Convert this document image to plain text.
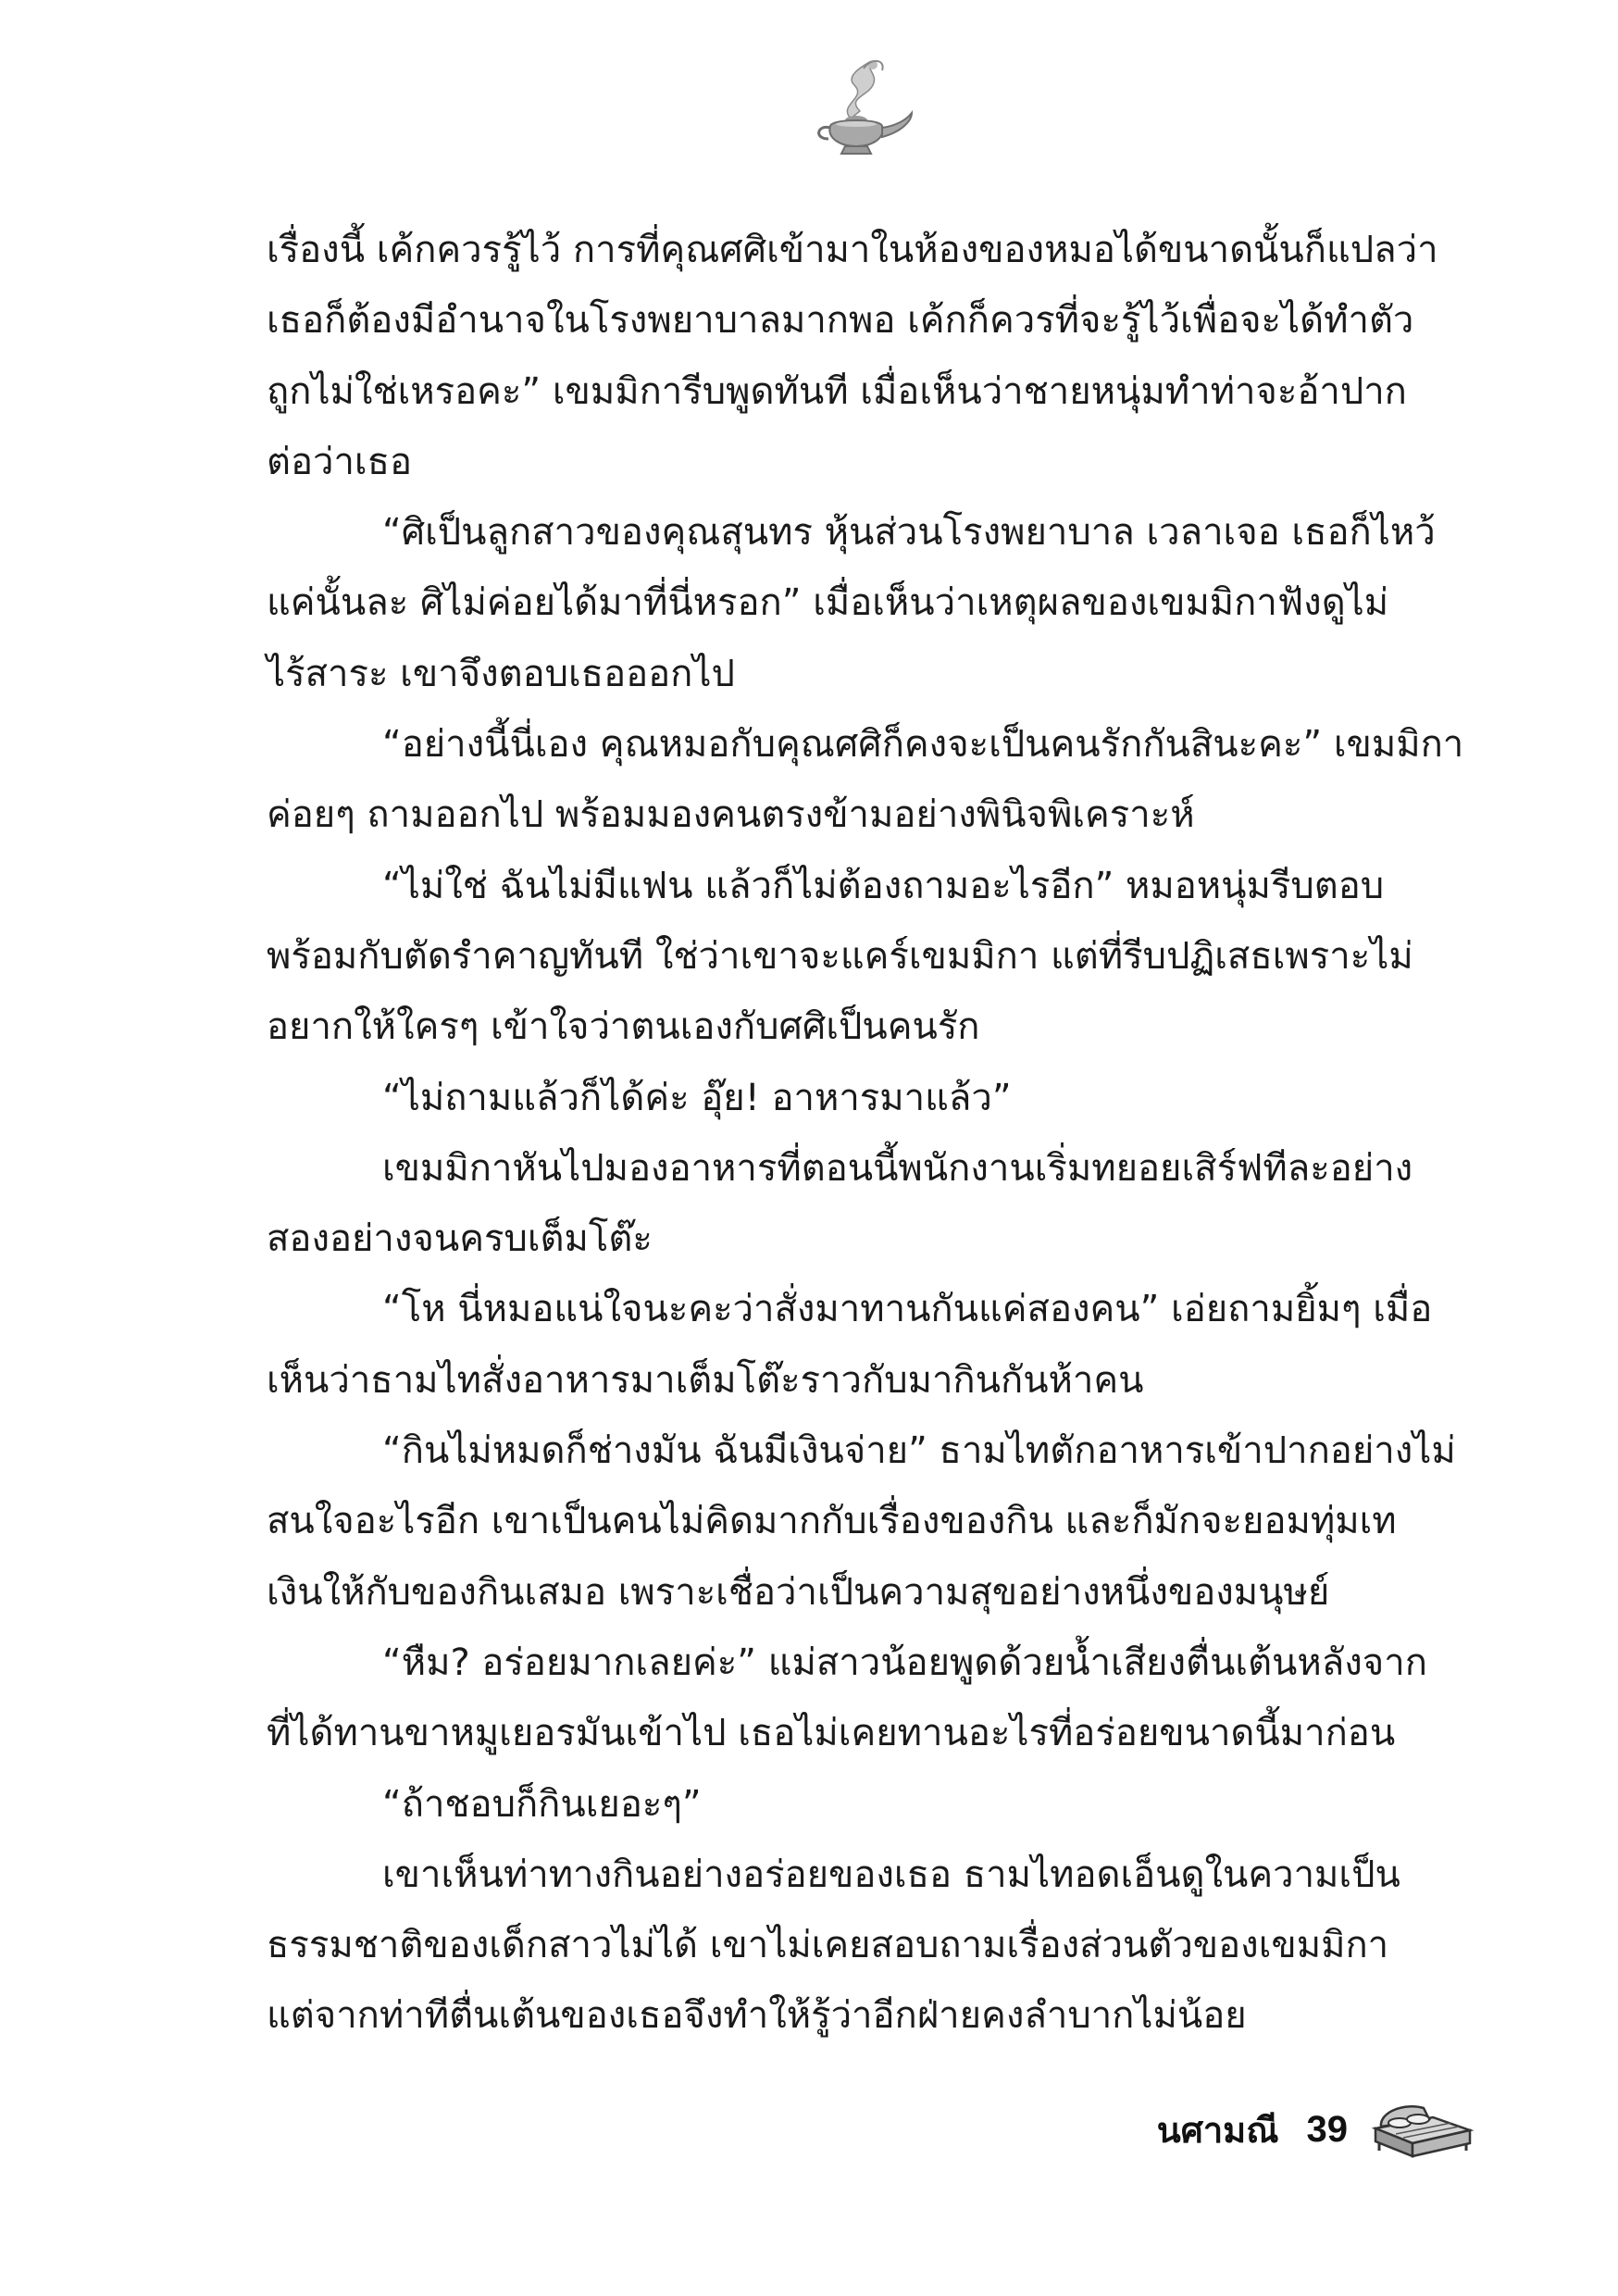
เรื่องนี้ เค้กควรรู้ไว้ การที่คุณศศิเข้ามาในห้องของหมอได้ขนาดนั้นก็แปลว่า
เธอก็ต้องมีอำนาจในโรงพยาบาลมากพอ เค้กก็ควรที่จะรู้ไว้เพื่อจะได้ทำตัว
ถูกไม่ใช่เหรอคะ” เขมมิการีบพูดทันที เมื่อเห็นว่าชายหนุ่มทำท่าจะอ้าปาก
ต่อว่าเธอ
“ศิเป็นลูกสาวของคุณสุนทร หุ้นส่วนโรงพยาบาล เวลาเจอ เธอก็ไหว้
แค่นั้นละ ศิไม่ค่อยได้มาที่นี่หรอก” เมื่อเห็นว่าเหตุผลของเขมมิกาฟังดูไม่
ไร้สาระ เขาจึงตอบเธอออกไป
“อย่างนี้นี่เอง คุณหมอกับคุณศศิก็คงจะเป็นคนรักกันสินะคะ” เขมมิกา
ค่อยๆ ถามออกไป พร้อมมองคนตรงข้ามอย่างพินิจพิเคราะห์
“ไม่ใช่ ฉันไม่มีแฟน แล้วก็ไม่ต้องถามอะไรอีก” หมอหนุ่มรีบตอบ
พร้อมกับตัดรำคาญทันที ใช่ว่าเขาจะแคร์เขมมิกา แต่ที่รีบปฏิเสธเพราะไม่
อยากให้ใครๆ เข้าใจว่าตนเองกับศศิเป็นคนรัก
“ไม่ถามแล้วก็ได้ค่ะ อุ๊ย! อาหารมาแล้ว”
เขมมิกาหันไปมองอาหารที่ตอนนี้พนักงานเริ่มทยอยเสิร์ฟทีละอย่าง
สองอย่างจนครบเต็มโต๊ะ
“โห นี่หมอแน่ใจนะคะว่าสั่งมาทานกันแค่สองคน” เอ่ยถามยิ้มๆ เมื่อ
เห็นว่าธามไทสั่งอาหารมาเต็มโต๊ะราวกับมากินกันห้าคน
“กินไม่หมดก็ช่างมัน ฉันมีเงินจ่าย” ธามไทตักอาหารเข้าปากอย่างไม่
สนใจอะไรอีก เขาเป็นคนไม่คิดมากกับเรื่องของกิน และก็มักจะยอมทุ่มเท
เงินให้กับของกินเสมอ เพราะเชื่อว่าเป็นความสุขอย่างหนึ่งของมนุษย์
“หืม? อร่อยมากเลยค่ะ” แม่สาวน้อยพูดด้วยน้ำเสียงตื่นเต้นหลังจาก
ที่ได้ทานขาหมูเยอรมันเข้าไป เธอไม่เคยทานอะไรที่อร่อยขนาดนี้มาก่อน
“ถ้าชอบก็กินเยอะๆ”
เขาเห็นท่าทางกินอย่างอร่อยของเธอ ธามไทอดเอ็นดูในความเป็น
ธรรมชาติของเด็กสาวไม่ได้ เขาไม่เคยสอบถามเรื่องส่วนตัวของเขมมิกา
แต่จากท่าทีตื่นเต้นของเธอจึงทำให้รู้ว่าอีกฝ่ายคงลำบากไม่น้อย
นศามณี 39
